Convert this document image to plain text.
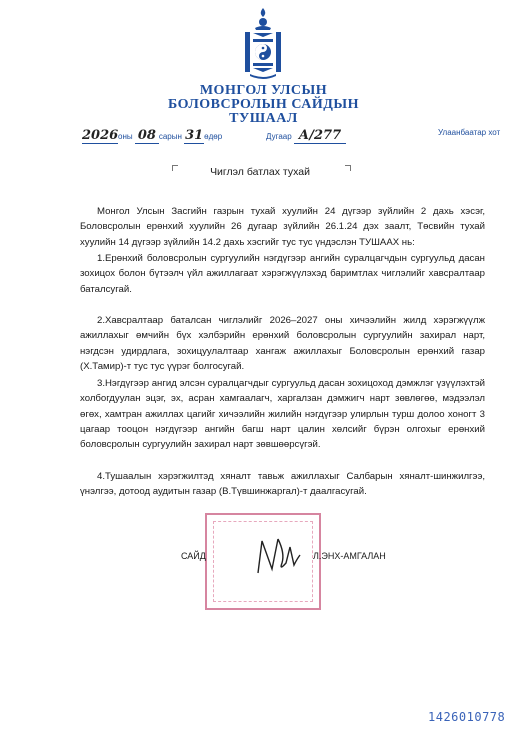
МОНГОЛ УЛСЫН
БОЛОВСРОЛЫН САЙДЫН
ТУШААЛ
2026оны 08 сарын 31өдөр	Дугаар А/277	Улаанбаатар хот
Чиглэл батлах тухай

Монгол Улсын Засгийн газрын тухай хуулийн 24 дүгээр зүйлийн 2 дахь хэсэг, Боловсролын ерөнхий хуулийн 26 дугаар зүйлийн 26.1.24 дэх заалт, Төсвийн тухай хуулийн 14 дүгээр зүйлийн 14.2 дахь хэсгийг тус тус үндэслэн ТУШААХ нь:

1.Ерөнхий боловсролын сургуулийн нэгдүгээр ангийн суралцагчдын сургуульд дасан зохицох болон бүтээлч үйл ажиллагаат хэрэгжүүлэхэд баримтлах чиглэлийг хавсралтаар баталсугай.

2.Хавсралтаар баталсан чиглэлийг 2026–2027 оны хичээлийн жилд хэрэгжүүлж ажиллахыг өмчийн бүх хэлбэрийн ерөнхий боловсролын сургуулийн захирал нарт, нэгдсэн удирдлага, зохицуулалтаар хангаж ажиллахыг Боловсролын ерөнхий газар (Х.Тамир)-т тус тус үүрэг болгосугай.

3.Нэгдүгээр ангид элсэн суралцагчдыг сургуульд дасан зохицоход дэмжлэг үзүүлэхтэй холбогдуулан эцэг, эх, асран хамгаалагч, харгалзан дэмжигч нарт зөвлөгөө, мэдээлэл өгөх, хамтран ажиллах цагийг хичээлийн жилийн нэгдүгээр улирлын турш долоо хоногт 3 цагаар тооцон нэгдүгээр ангийн багш нарт цалин хөлсийг бүрэн олгохыг ерөнхий боловсролын сургуулийн захирал нарт зөвшөөрсүгэй.

4.Тушаалын хэрэгжилтэд хяналт тавьж ажиллахыг Салбарын хяналт-шинжилгээ, үнэлгээ, дотоод аудитын газар (В.Түвшинжаргал)-т даалгасугай.

САЙД	Л.ЭНХ-АМГАЛАН
1426010778
